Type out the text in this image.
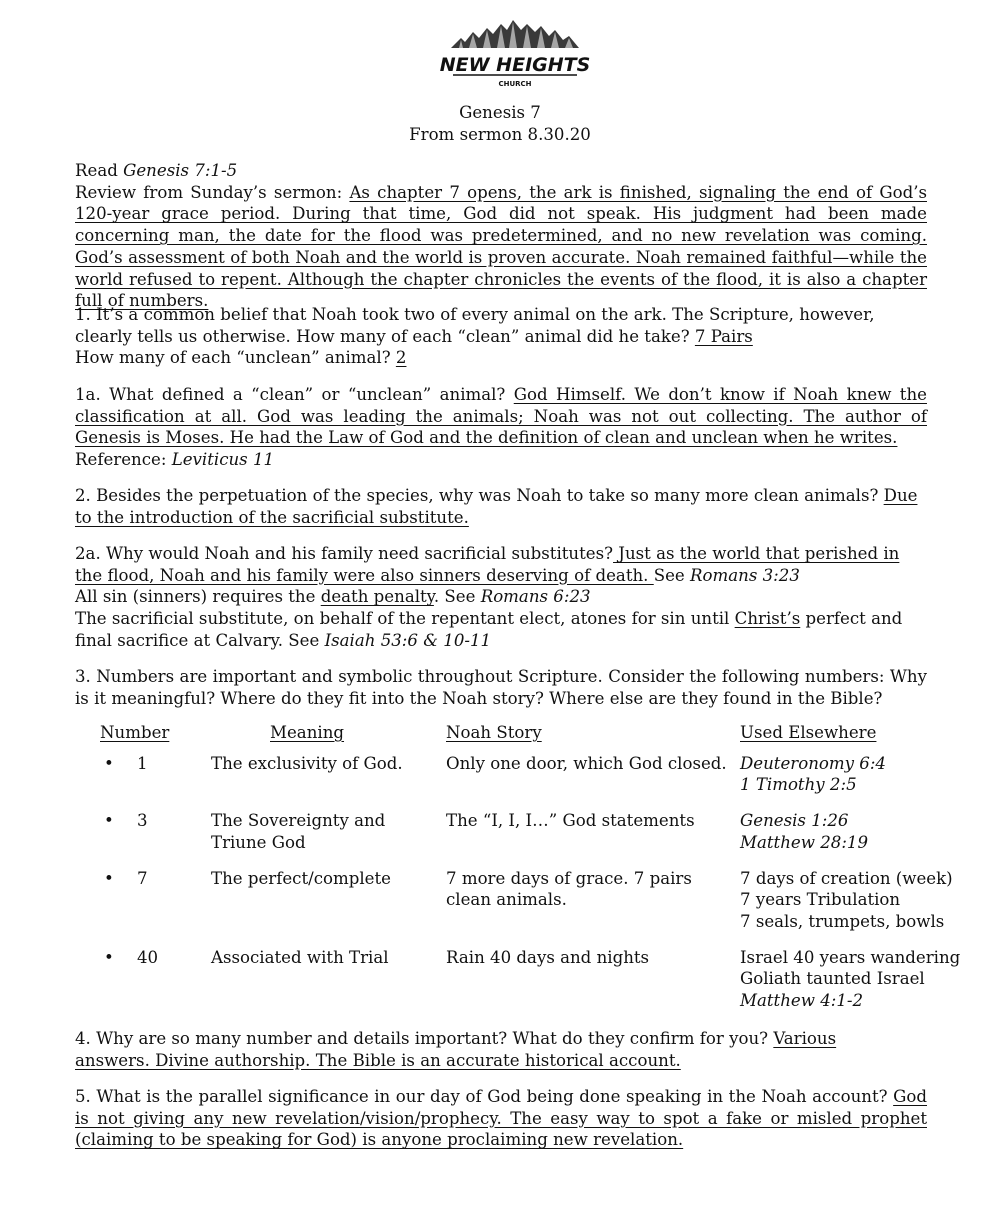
NEW HEIGHTS
CHURCH
Genesis 7
From sermon 8.30.20

Read Genesis 7:1-5

Review from Sunday’s sermon: As chapter 7 opens, the ark is finished, signaling the end of God’s 120-year grace period. During that time, God did not speak. His judgment had been made concerning man, the date for the flood was predetermined, and no new revelation was coming. God’s assessment of both Noah and the world is proven accurate. Noah remained faithful—while the world refused to repent. Although the chapter chronicles the events of the flood, it is also a chapter full of numbers.

1. It’s a common belief that Noah took two of every animal on the ark. The Scripture, however, clearly tells us otherwise. How many of each “clean” animal did he take? 7 Pairs

How many of each “unclean” animal? 2

1a. What defined a “clean” or “unclean” animal? God Himself. We don’t know if Noah knew the classification at all. God was leading the animals; Noah was not out collecting. The author of Genesis is Moses. He had the Law of God and the definition of clean and unclean when he writes.

Reference: Leviticus 11

2. Besides the perpetuation of the species, why was Noah to take so many more clean animals? Due to the introduction of the sacrificial substitute.

2a. Why would Noah and his family need sacrificial substitutes? Just as the world that perished in the flood, Noah and his family were also sinners deserving of death. See Romans 3:23

All sin (sinners) requires the death penalty. See Romans 6:23

The sacrificial substitute, on behalf of the repentant elect, atones for sin until Christ’s perfect and final sacrifice at Calvary. See Isaiah 53:6 & 10-11

3. Numbers are important and symbolic throughout Scripture. Consider the following numbers: Why is it meaningful? Where do they fit into the Noah story? Where else are they found in the Bible?

Number		Meaning	Noah Story	Used Elsewhere
•	1	The exclusivity of God.	Only one door, which God closed.	Deuteronomy 6:4
1 Timothy 2:5

•	3	The Sovereignty and Triune God	The “I, I, I…” God statements	Genesis 1:26
Matthew 28:19

•	7	The perfect/complete	7 more days of grace. 7 pairs clean animals.	7 days of creation (week)
7 years Tribulation
7 seals, trumpets, bowls

•	40	Associated with Trial	Rain 40 days and nights	Israel 40 years wandering
Goliath taunted Israel
Matthew 4:1-2

4. Why are so many number and details important? What do they confirm for you? Various answers. Divine authorship. The Bible is an accurate historical account.

5. What is the parallel significance in our day of God being done speaking in the Noah account? God is not giving any new revelation/vision/prophecy. The easy way to spot a fake or misled prophet (claiming to be speaking for God) is anyone proclaiming new revelation.
